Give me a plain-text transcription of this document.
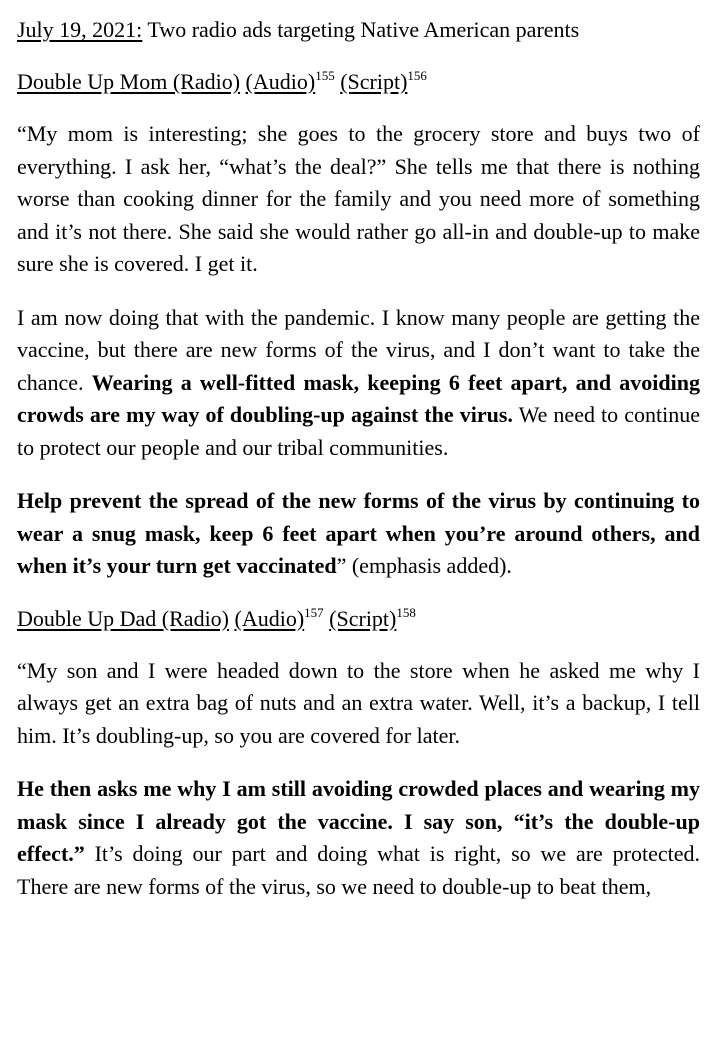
July 19, 2021: Two radio ads targeting Native American parents

Double Up Mom (Radio) (Audio)$^{155}$ (Script)$^{156}$

“My mom is interesting; she goes to the grocery store and buys two of everything. I ask her, “what’s the deal?” She tells me that there is nothing worse than cooking dinner for the family and you need more of something and it’s not there. She said she would rather go all-in and double-up to make sure she is covered. I get it.

I am now doing that with the pandemic. I know many people are getting the vaccine, but there are new forms of the virus, and I don’t want to take the chance. Wearing a well-fitted mask, keeping 6 feet apart, and avoiding crowds are my way of doubling-up against the virus. We need to continue to protect our people and our tribal communities.

Help prevent the spread of the new forms of the virus by continuing to wear a snug mask, keep 6 feet apart when you’re around others, and when it’s your turn get vaccinated” (emphasis added).

Double Up Dad (Radio) (Audio)$^{157}$ (Script)$^{158}$

“My son and I were headed down to the store when he asked me why I always get an extra bag of nuts and an extra water. Well, it’s a backup, I tell him. It’s doubling-up, so you are covered for later.

He then asks me why I am still avoiding crowded places and wearing my mask since I already got the vaccine. I say son, “it’s the double-up effect.” It’s doing our part and doing what is right, so we are protected. There are new forms of the virus, so we need to double-up to beat them,
